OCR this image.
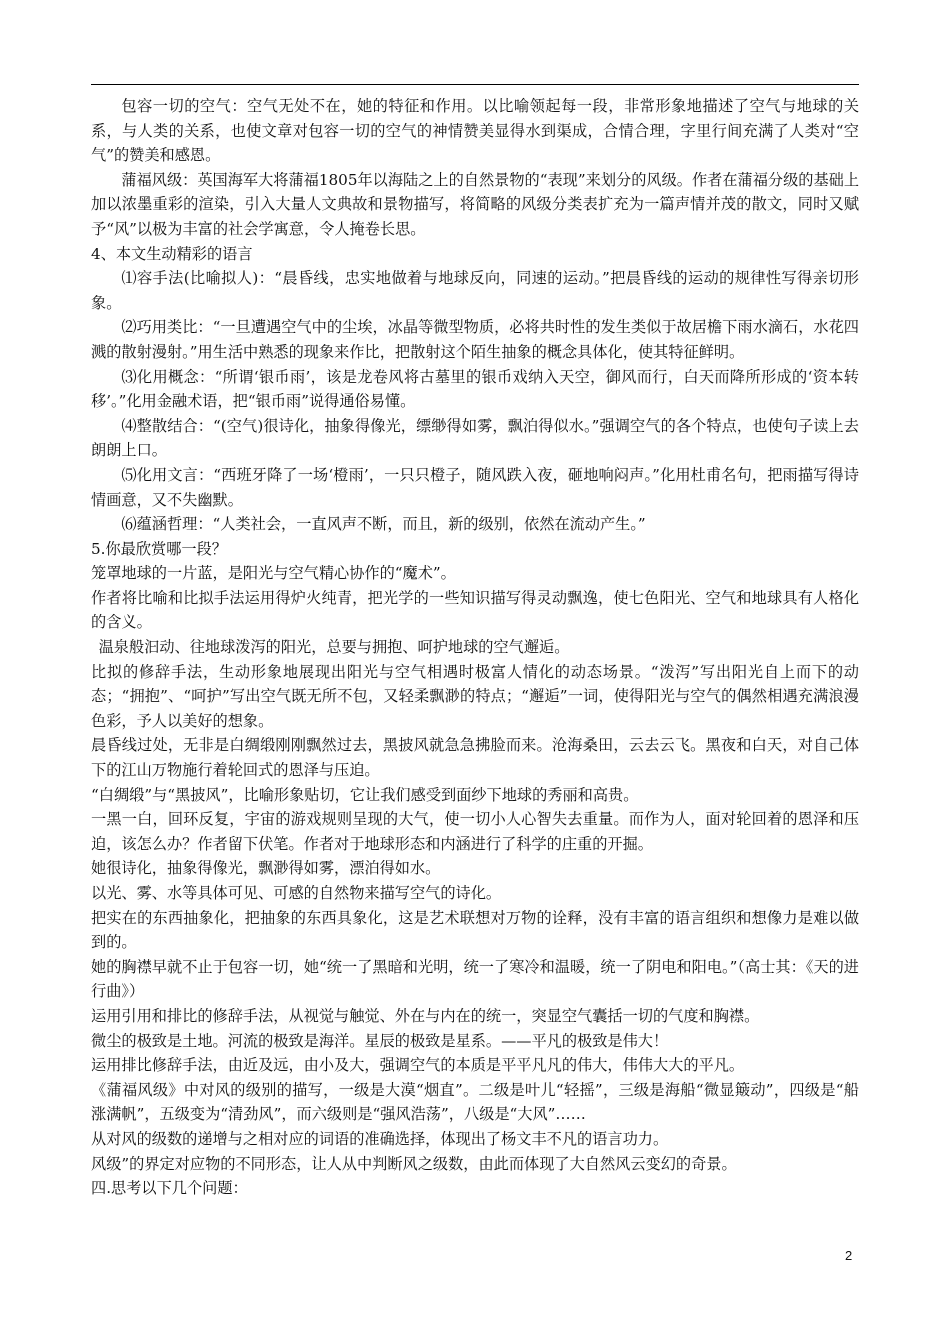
包容一切的空气：空气无处不在，她的特征和作用。以比喻领起每一段，非常形象地描述了空气与地球的关系，与人类的关系，也使文章对包容一切的空气的神情赞美显得水到渠成，合情合理，字里行间充满了人类对“空气”的赞美和感恩。

蒲福风级：英国海军大将蒲福1805年以海陆之上的自然景物的“表现”来划分的风级。作者在蒲福分级的基础上加以浓墨重彩的渲染，引入大量人文典故和景物描写，将简略的风级分类表扩充为一篇声情并茂的散文，同时又赋予“风”以极为丰富的社会学寓意，令人掩卷长思。

4、本文生动精彩的语言

⑴容手法(比喻拟人)：“晨昏线，忠实地做着与地球反向，同速的运动。”把晨昏线的运动的规律性写得亲切形象。

⑵巧用类比：“一旦遭遇空气中的尘埃，冰晶等微型物质，必将共时性的发生类似于故居檐下雨水滴石，水花四溅的散射漫射。”用生活中熟悉的现象来作比，把散射这个陌生抽象的概念具体化，使其特征鲜明。

⑶化用概念：“所谓‘银币雨’，该是龙卷风将古墓里的银币戏纳入天空，御风而行，白天而降所形成的‘资本转移’。”化用金融术语，把“银币雨”说得通俗易懂。

⑷整散结合：“(空气)很诗化，抽象得像光，缥缈得如雾，飘泊得似水。”强调空气的各个特点，也使句子读上去朗朗上口。

⑸化用文言：“西班牙降了一场‘橙雨’，一只只橙子，随风跌入夜，砸地响闷声。”化用杜甫名句，把雨描写得诗情画意，又不失幽默。

⑹蕴涵哲理：“人类社会，一直风声不断，而且，新的级别，依然在流动产生。”

5.你最欣赏哪一段？

笼罩地球的一片蓝，是阳光与空气精心协作的“魔术”。

作者将比喻和比拟手法运用得炉火纯青，把光学的一些知识描写得灵动飘逸，使七色阳光、空气和地球具有人格化的含义。

温泉般汩动、往地球泼泻的阳光，总要与拥抱、呵护地球的空气邂逅。

比拟的修辞手法，生动形象地展现出阳光与空气相遇时极富人情化的动态场景。“泼泻”写出阳光自上而下的动态；“拥抱”、“呵护”写出空气既无所不包，又轻柔飘渺的特点；“邂逅”一词，使得阳光与空气的偶然相遇充满浪漫色彩，予人以美好的想象。

晨昏线过处，无非是白绸缎刚刚飘然过去，黑披风就急急拂脸而来。沧海桑田，云去云飞。黑夜和白天，对自己体下的江山万物施行着轮回式的恩泽与压迫。

“白绸缎”与“黑披风”，比喻形象贴切，它让我们感受到面纱下地球的秀丽和高贵。

一黑一白，回环反复，宇宙的游戏规则呈现的大气，使一切小人心智失去重量。而作为人，面对轮回着的恩泽和压迫，该怎么办？作者留下伏笔。作者对于地球形态和内涵进行了科学的庄重的开掘。

她很诗化，抽象得像光，飘渺得如雾，漂泊得如水。

以光、雾、水等具体可见、可感的自然物来描写空气的诗化。

把实在的东西抽象化，把抽象的东西具象化，这是艺术联想对万物的诠释，没有丰富的语言组织和想像力是难以做到的。

她的胸襟早就不止于包容一切，她“统一了黑暗和光明，统一了寒冷和温暖，统一了阴电和阳电。”（高士其：《天的进行曲》）

运用引用和排比的修辞手法，从视觉与触觉、外在与内在的统一，突显空气囊括一切的气度和胸襟。

微尘的极致是土地。河流的极致是海洋。星辰的极致是星系。——平凡的极致是伟大！

运用排比修辞手法，由近及远，由小及大，强调空气的本质是平平凡凡的伟大，伟伟大大的平凡。

《蒲福风级》中对风的级别的描写，一级是大漠“烟直”。二级是叶儿“轻摇”，三级是海船“微显簸动”，四级是“船涨满帆”，五级变为“清劲风”，而六级则是“强风浩荡”，八级是“大风”……

从对风的级数的递增与之相对应的词语的准确选择，体现出了杨文丰不凡的语言功力。

风级”的界定对应物的不同形态，让人从中判断风之级数，由此而体现了大自然风云变幻的奇景。

四.思考以下几个问题：

2
